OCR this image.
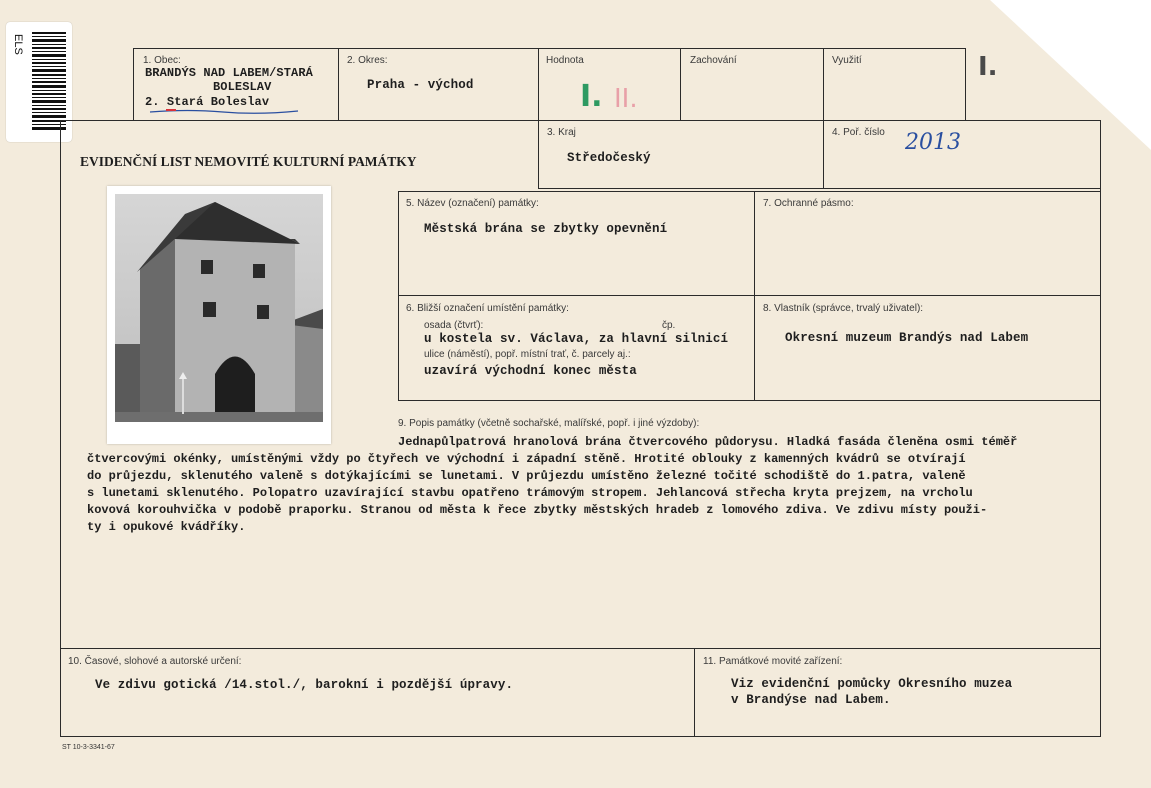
ELS
1. Obec:
BRANDÝS NAD LABEM/STARÁ
BOLESLAV
2. Stará Boleslav
2. Okres:
Praha - východ
Hodnota
I. II.
Zachování	Využití	I.
EVIDENČNÍ LIST NEMOVITÉ KULTURNÍ PAMÁTKY
3. Kraj
Středočeský
4. Poř. číslo 2013
5. Název (označení) památky:
Městská brána se zbytky opevnění
7. Ochranné pásmo:
6. Bližší označení umístění památky:
osada (čtvrť):	čp.
u kostela sv. Václava, za hlavní silnicí
ulice (náměstí), popř. místní trať, č. parcely aj.:
uzavírá východní konec města
8. Vlastník (správce, trvalý uživatel):
Okresní muzeum Brandýs nad Labem
9. Popis památky (včetně sochařské, malířské, popř. i jiné výzdoby):
Jednapůlpatrová hranolová brána čtvercového půdorysu. Hladká fasáda členěna osmi téměř
čtvercovými okénky, umístěnými vždy po čtyřech ve východní i západní stěně. Hrotité oblouky z kamenných kvádrů se otvírají
do průjezdu, sklenutého valeně s dotýkajícími se lunetami. V průjezdu umístěno železné točité schodiště do 1.patra, valeně
s lunetami sklenutého. Polopatro uzavírající stavbu opatřeno trámovým stropem. Jehlancová střecha kryta prejzem, na vrcholu
kovová korouhvička v podobě praporku. Stranou od města k řece zbytky městských hradeb z lomového zdiva. Ve zdivu místy použi-
ty i opukové kvádříky.
10. Časové, slohové a autorské určení:
Ve zdivu gotická /14.stol./, barokní i pozdější úpravy.
11. Památkové movité zařízení:
Viz evidenční pomůcky Okresního muzea
v Brandýse nad Labem.
ST 10-3-3341-67
